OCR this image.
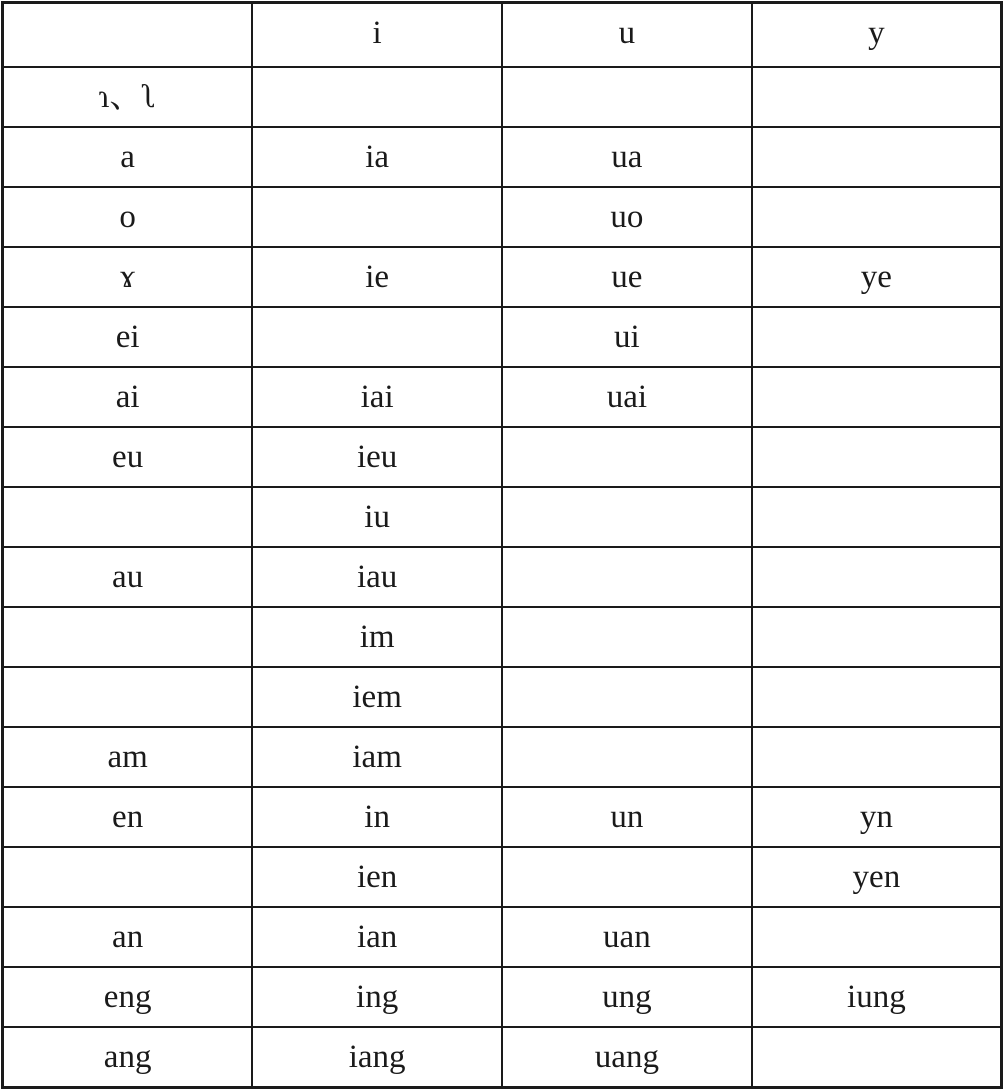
	i	u	y
ɿ、ʅ			
a	ia	ua	
o		uo	
ɤ	ie	ue	ye
ei		ui	
ai	iai	uai	
eu	ieu		
	iu		
au	iau		
	im		
	iem		
am	iam		
en	in	un	yn
	ien		yen
an	ian	uan	
eng	ing	ung	iung
ang	iang	uang	
